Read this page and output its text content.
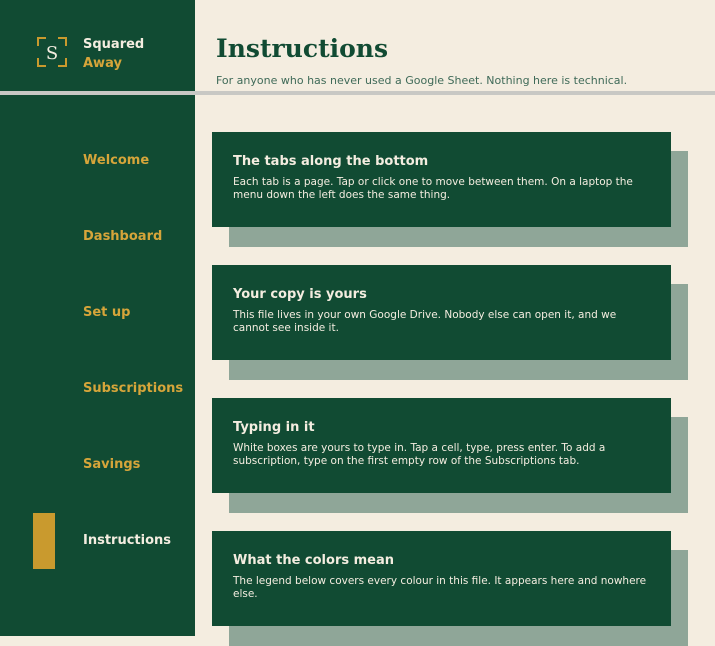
S Squared
Away
Welcome
Dashboard
Set up
Subscriptions
Savings
Instructions
Instructions
For anyone who has never used a Google Sheet. Nothing here is technical.
The tabs along the bottom
Each tab is a page. Tap or click one to move between them. On a laptop the menu down the left does the same thing.
Your copy is yours
This file lives in your own Google Drive. Nobody else can open it, and we cannot see inside it.
Typing in it
White boxes are yours to type in. Tap a cell, type, press enter. To add a subscription, type on the first empty row of the Subscriptions tab.
What the colors mean
The legend below covers every colour in this file. It appears here and nowhere else.
